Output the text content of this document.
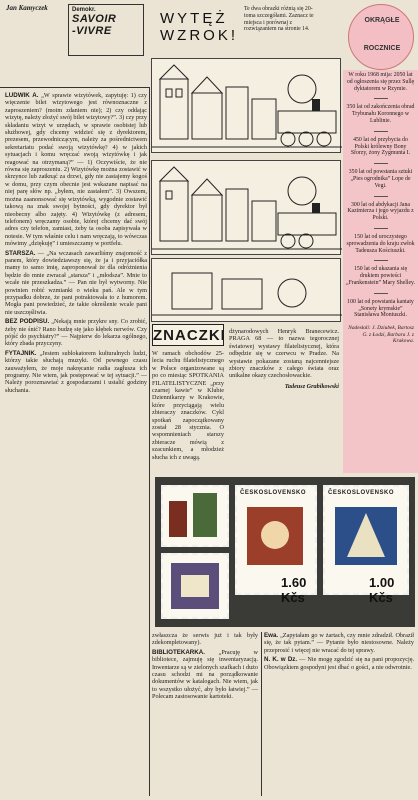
Jan Kamyczek	Demokr.
SAVOIR
-VIVRE

LUDWIK A. „W sprawie wizytówek, zapytuję: 1) czy więczenie bilet wizytowego jest równoznaczne z zaproszeniem? (moim zdaniem nie); 2) czy oddając wizytę, należy złożyć swój bilet wizytowy?”. 3) czy przy składaniu wizyt w urzędach, w sprawie osobistej lub służbowej, gdy chcemy widzieć się z dyrektorem, prezesem, przewodniczącym, należy za pośrednictwem sekretariatu podać swoją wizytówkę? 4) w jakich sytuacjach i komu wręczać swoją wizytówkę i jak reagować na otrzymaną?” — 1) Oczywiście, że nie równa się zaproszeniu. 2) Wizytówkę można zostawić w skrzynce lub zatknąć za drzwi, gdy nie zastajemy kogoś w domu, przy czym obecnie jest wskazane napisać na niej parę słów np. „byłem, nie zastałem”. 3) Owszem, można zaanonsować się wizytówką, wygodnie zostawić takową na znak swojej bytności, gdy dyrektor był nieobecny albo zajęty. 4) Wizytówkę (z adresem, telefonem) wręczamy osobie, której chcemy dać swój adres czy telefon, zamiast, żeby ta osoba zapisywała w notesie. W tym właśnie celu i nam wręczają, to wówczas mówimy „dziękuję” i umieszczamy w portfelu.

STARSZA. — „Na wczasach zawarliśmy znajomość z panem, który dowiedziawszy się, że ja i przyjaciółka mamy to samo imię, zaproponował że dla odróżnienia będzie do mnie zwracał „starsza” i „młodsza”. Mnie to wcale nie przeszkadza.” — Pan nie był wytworny. Nie powinien robić wzmianki o wieku pań. Ale w tym przypadku dobrze, że pani potraktowała to z humorem. Mogła pani powiedzieć, że takie określenie wcale pani nie uszczęśliwia.

BEZ PODPISU. „Nekają mnie przykre sny. Co zrobić, żeby nie śnić? Rano budzę się jako kłębek nerwów. Czy pójść do psychiatry?” — Najpierw do lekarza ogólnego, który zbada przyczyny.

FYTAJNIK. „Jestem sublokatorem kulturalnych ludzi, którzy takie słuchają muzyki. Od pewnego czasu zauważyłem, że moje nakręcanie radia zagłusza ich programy. Nie wiem, jak postępować w tej sytuacji.” — Należy porozmawiać z gospodarzami i ustalić godziny słuchania.

WYTĘŻ
WZROK!
Te dwa obrazki różnią się 20-toma szczegółami. Zaznacz te miejsca i porównaj z rozwiązaniem na stronie 14.
OKRĄGŁE
ROCZNICE
W roku 1968 mija: 2050 lat od ogłoszenia się przez Sullę dyktatorem w Rzymie.
350 lat od zakończenia obrad Trybunału Koronnego w Lublinie.
450 lat od przybycia do Polski królewny Bony Sforzy, żony Zygmunta I.
350 lat od powstania sztuki „Pies ogrodnika” Lope de Vegi.
300 lat od abdykacji Jana Kazimierza i jego wyjazdu z Polski.
150 lat od uroczystego sprowadzenia do kraju zwłok Tadeusza Kościuszki.
150 lat od ukazania się drukiem powieści „Frankenstein” Mary Shelley.
100 lat od powstania kantaty „Sonety krymskie” Stanisława Moniuszki.
Nadesłali: J. Dziubek, Bartosz G. z Łodzi, Barbara J. z Krakowa.
ZNACZKI
W ramach obchodów 25-lecia ruchu filatelistycznego w Polsce organizowane są po co miesiąc SPOTKANIA FILATELISTYCZNE „przy czarnej kawie” w Klubie Dziennikarzy w Krakowie, które przyciągają wielu zbieraczy znaczków. Cykl spotkań zapoczątkowany został 28 stycznia. O wspomnieniach starszy zbieracze mówią z szacunkiem, a młodzież słucha ich z uwagą.
dżynarodowych Henryk Branecewicz. PRAGA 68 — to nazwa tegorocznej światowej wystawy filatelistycznej, która odbędzie się w czerwcu w Pradze. Na wystawie pokazane zostaną najcenniejsze zbiory znaczków z całego świata oraz unikalne okazy czechosłowackie.
Tadeusz Grabikowski
ČESKOSLOVENSKO
1.60 Kčs
ČESKOSLOVENSKO
1.00 Kčs

zwłaszcza że serwis już i tak były zdekompletowany).

BIBLIOTEKARKA. „Pracuję w bibliotece, zajmuję się inwentaryzacją. Inwentarze są w zielonych szafkach i dużo czasu schodzi mi na porządkowanie dokumentów w katalogach. Nie wiem, jak to wszystko ułożyć, aby było łatwiej.” — Polecam zastosowanie kartoteki.

Ewa. „Zapytałam go w żartach, czy mnie zdradził. Obraził się, że tak pytam.” — Pytanie było niestosowne. Należy przeprosić i więcej nie wracać do tej sprawy.

N. K. w Dz. — Nie mogę zgodzić się na pani propozycję. Obowiązkiem gospodyni jest dbać o gości, a nie odwrotnie.
